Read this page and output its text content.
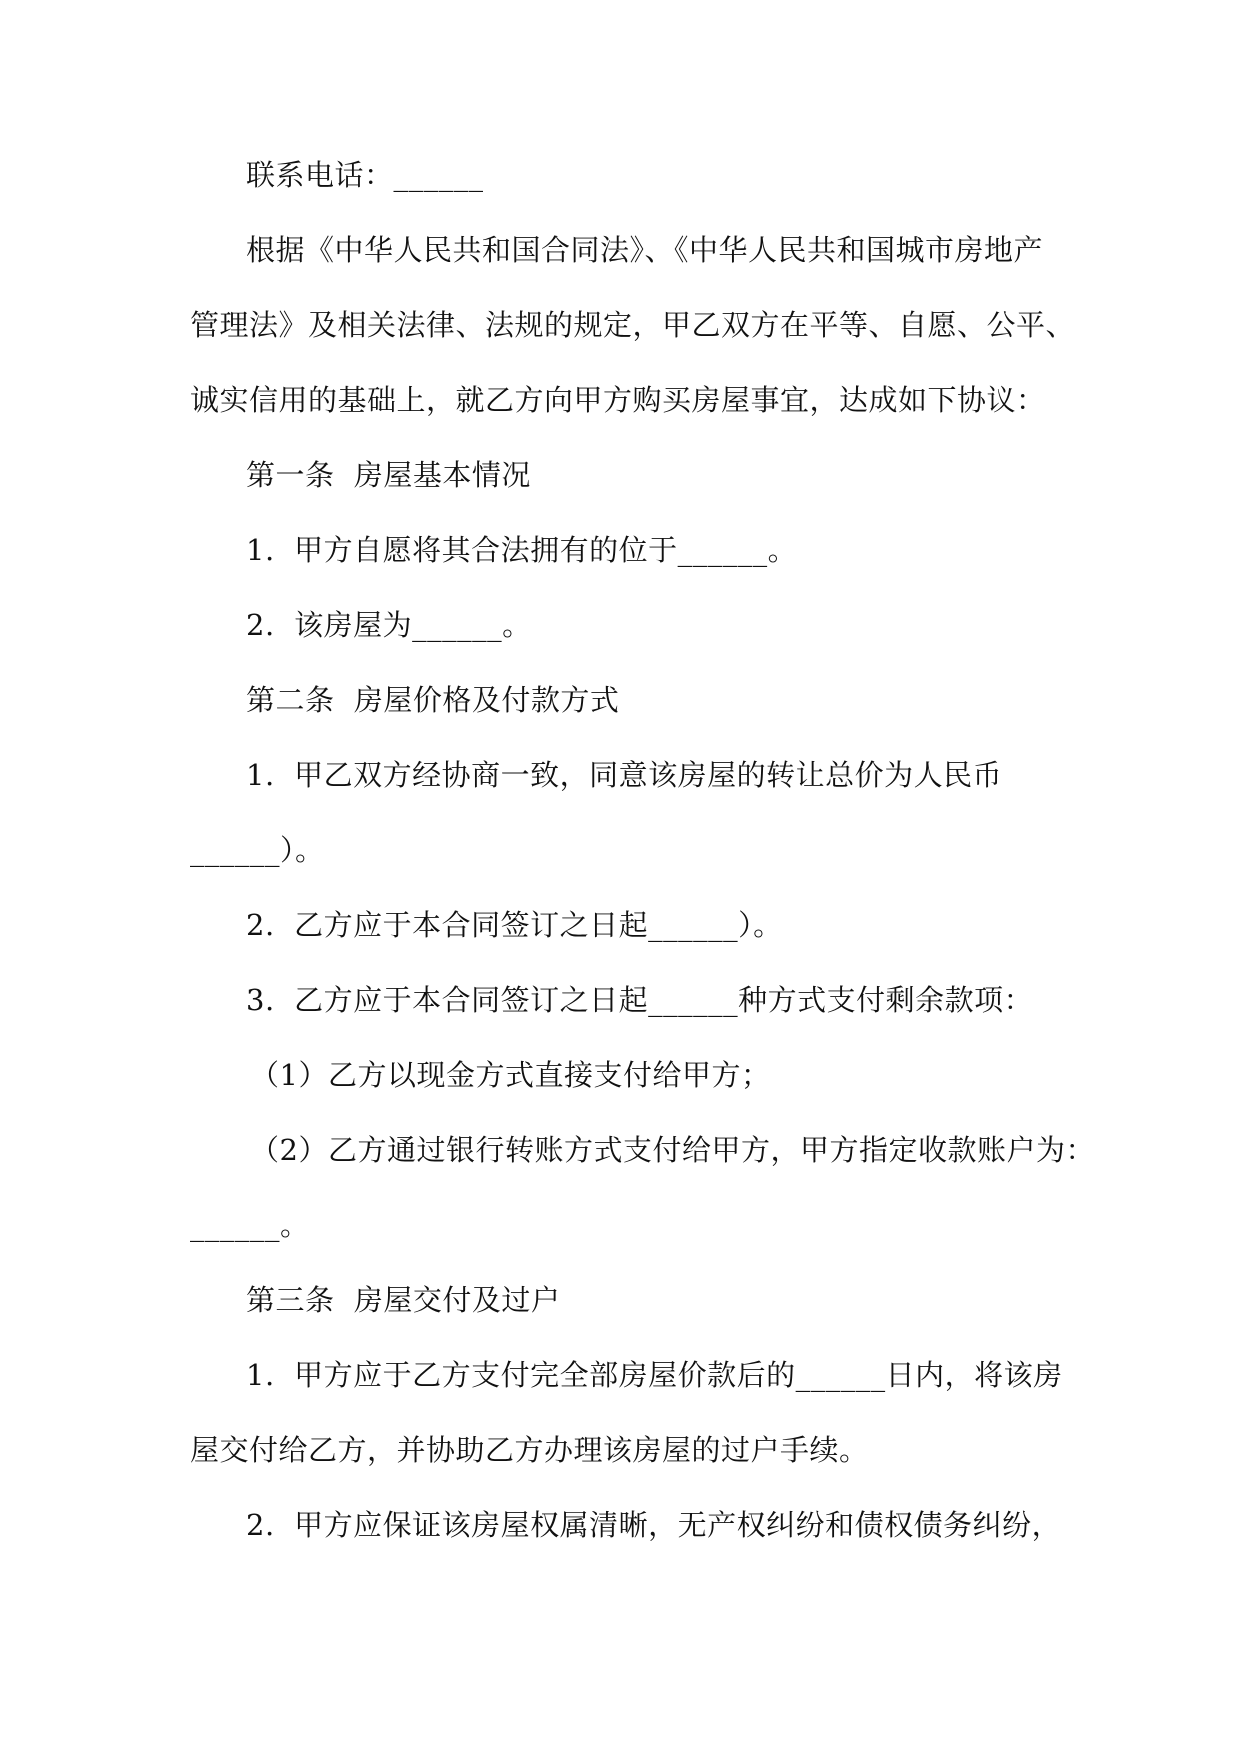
联系电话：______
根据《中华人民共和国合同法》、《中华人民共和国城市房地产
管理法》及相关法律、法规的规定，甲乙双方在平等、自愿、公平、
诚实信用的基础上，就乙方向甲方购买房屋事宜，达成如下协议：
第一条  房屋基本情况
1.  甲方自愿将其合法拥有的位于______。
2.  该房屋为______。
第二条  房屋价格及付款方式
1.  甲乙双方经协商一致，同意该房屋的转让总价为人民币
______）。
2.  乙方应于本合同签订之日起______）。
3.  乙方应于本合同签订之日起______种方式支付剩余款项：
（1）乙方以现金方式直接支付给甲方；
（2）乙方通过银行转账方式支付给甲方，甲方指定收款账户为：
______。
第三条  房屋交付及过户
1.  甲方应于乙方支付完全部房屋价款后的______日内，将该房
屋交付给乙方，并协助乙方办理该房屋的过户手续。
2.  甲方应保证该房屋权属清晰，无产权纠纷和债权债务纠纷，
